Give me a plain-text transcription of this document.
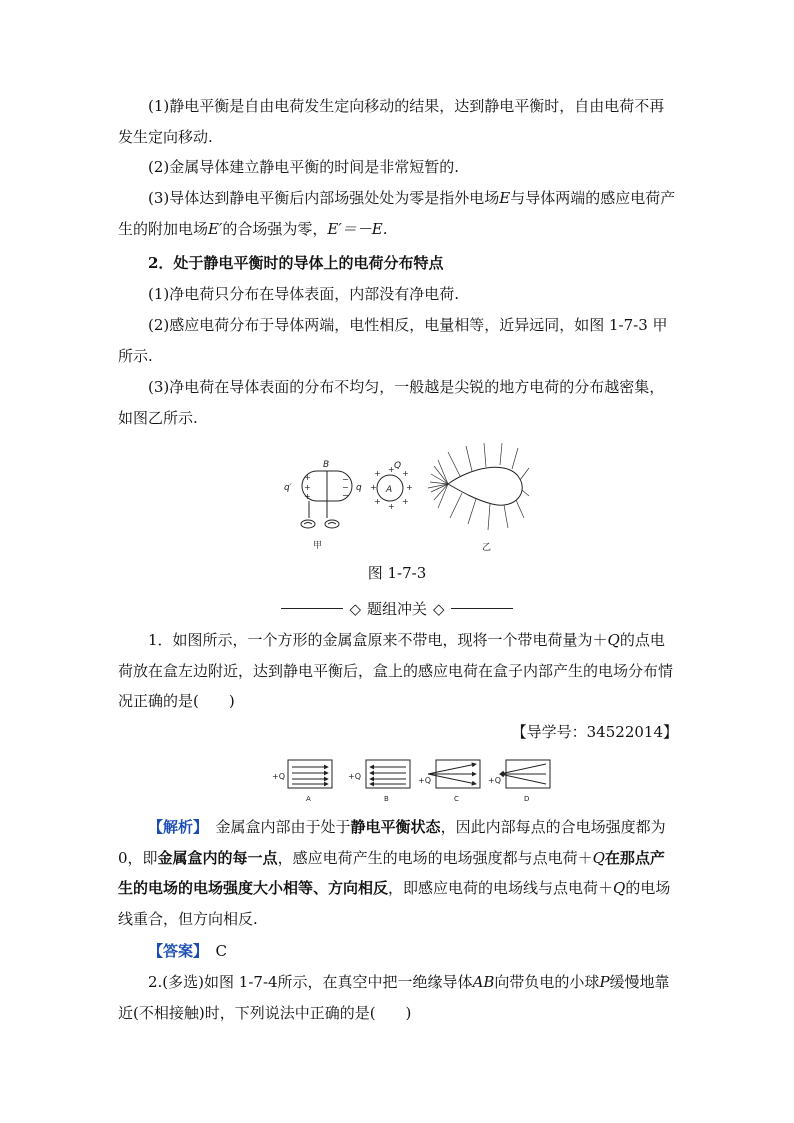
(1)静电平衡是自由电荷发生定向移动的结果，达到静电平衡时，自由电荷不再发生定向移动.

(2)金属导体建立静电平衡的时间是非常短暂的.

(3)导体达到静电平衡后内部场强处处为零是指外电场E与导体两端的感应电荷产生的附加电场E′的合场强为零，E′＝－E.

2．处于静电平衡时的导体上的电荷分布特点

(1)净电荷只分布在导体表面，内部没有净电荷.

(2)感应电荷分布于导体两端，电性相反，电量相等，近异远同，如图 1-7-3 甲所示.

(3)净电荷在导体表面的分布不均匀，一般越是尖锐的地方电荷的分布越密集，如图乙所示.

+
+
+
−
−
−
B
q′	q
甲
A
Q
+ +
+
+
+
+
+
+
乙
图 1-7-3
◇ 题组冲关 ◇

1．如图所示，一个方形的金属盒原来不带电，现将一个带电荷量为＋Q的点电荷放在盒左边附近，达到静电平衡后，盒上的感应电荷在盒子内部产生的电场分布情况正确的是(　　)

【导学号：34522014】
+Q
A
+Q
B
+Q
C
+Q
D

【解析】　 金属盒内部由于处于静电平衡状态，因此内部每点的合电场强度都为 0，即金属盒内的每一点，感应电荷产生的电场的电场强度都与点电荷＋Q在那点产生的电场的电场强度大小相等、方向相反，即感应电荷的电场线与点电荷＋Q的电场线重合，但方向相反.

【答案】　 C

2.(多选)如图 1-7-4所示，在真空中把一绝缘导体AB向带负电的小球P缓慢地靠近(不相接触)时，下列说法中正确的是(　　)
